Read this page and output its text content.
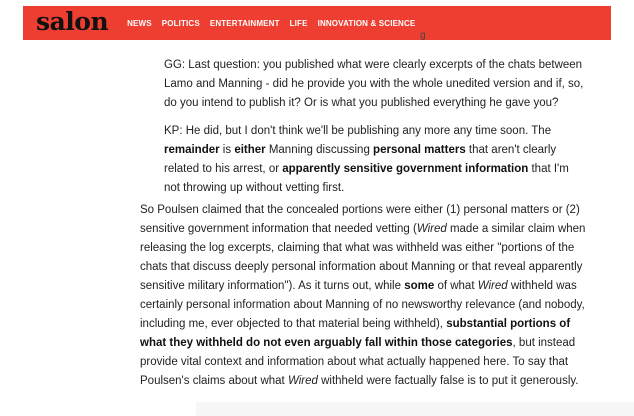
salon NEWS POLITICS ENTERTAINMENT LIFE INNOVATION & SCIENCE
g

GG: Last question: you published what were clearly excerpts of the chats between Lamo and Manning - did he provide you with the whole unedited version and if, so, do you intend to publish it? Or is what you published everything he gave you?

KP: He did, but I don't think we'll be publishing any more any time soon. The remainder is either Manning discussing personal matters that aren't clearly related to his arrest, or apparently sensitive government information that I'm not throwing up without vetting first.

So Poulsen claimed that the concealed portions were either (1) personal matters or (2) sensitive government information that needed vetting (Wired made a similar claim when releasing the log excerpts, claiming that what was withheld was either "portions of the chats that discuss deeply personal information about Manning or that reveal apparently sensitive military information"). As it turns out, while some of what Wired withheld was certainly personal information about Manning of no newsworthy relevance (and nobody, including me, ever objected to that material being withheld), substantial portions of what they withheld do not even arguably fall within those categories, but instead provide vital context and information about what actually happened here. To say that Poulsen's claims about what Wired withheld were factually false is to put it generously.
